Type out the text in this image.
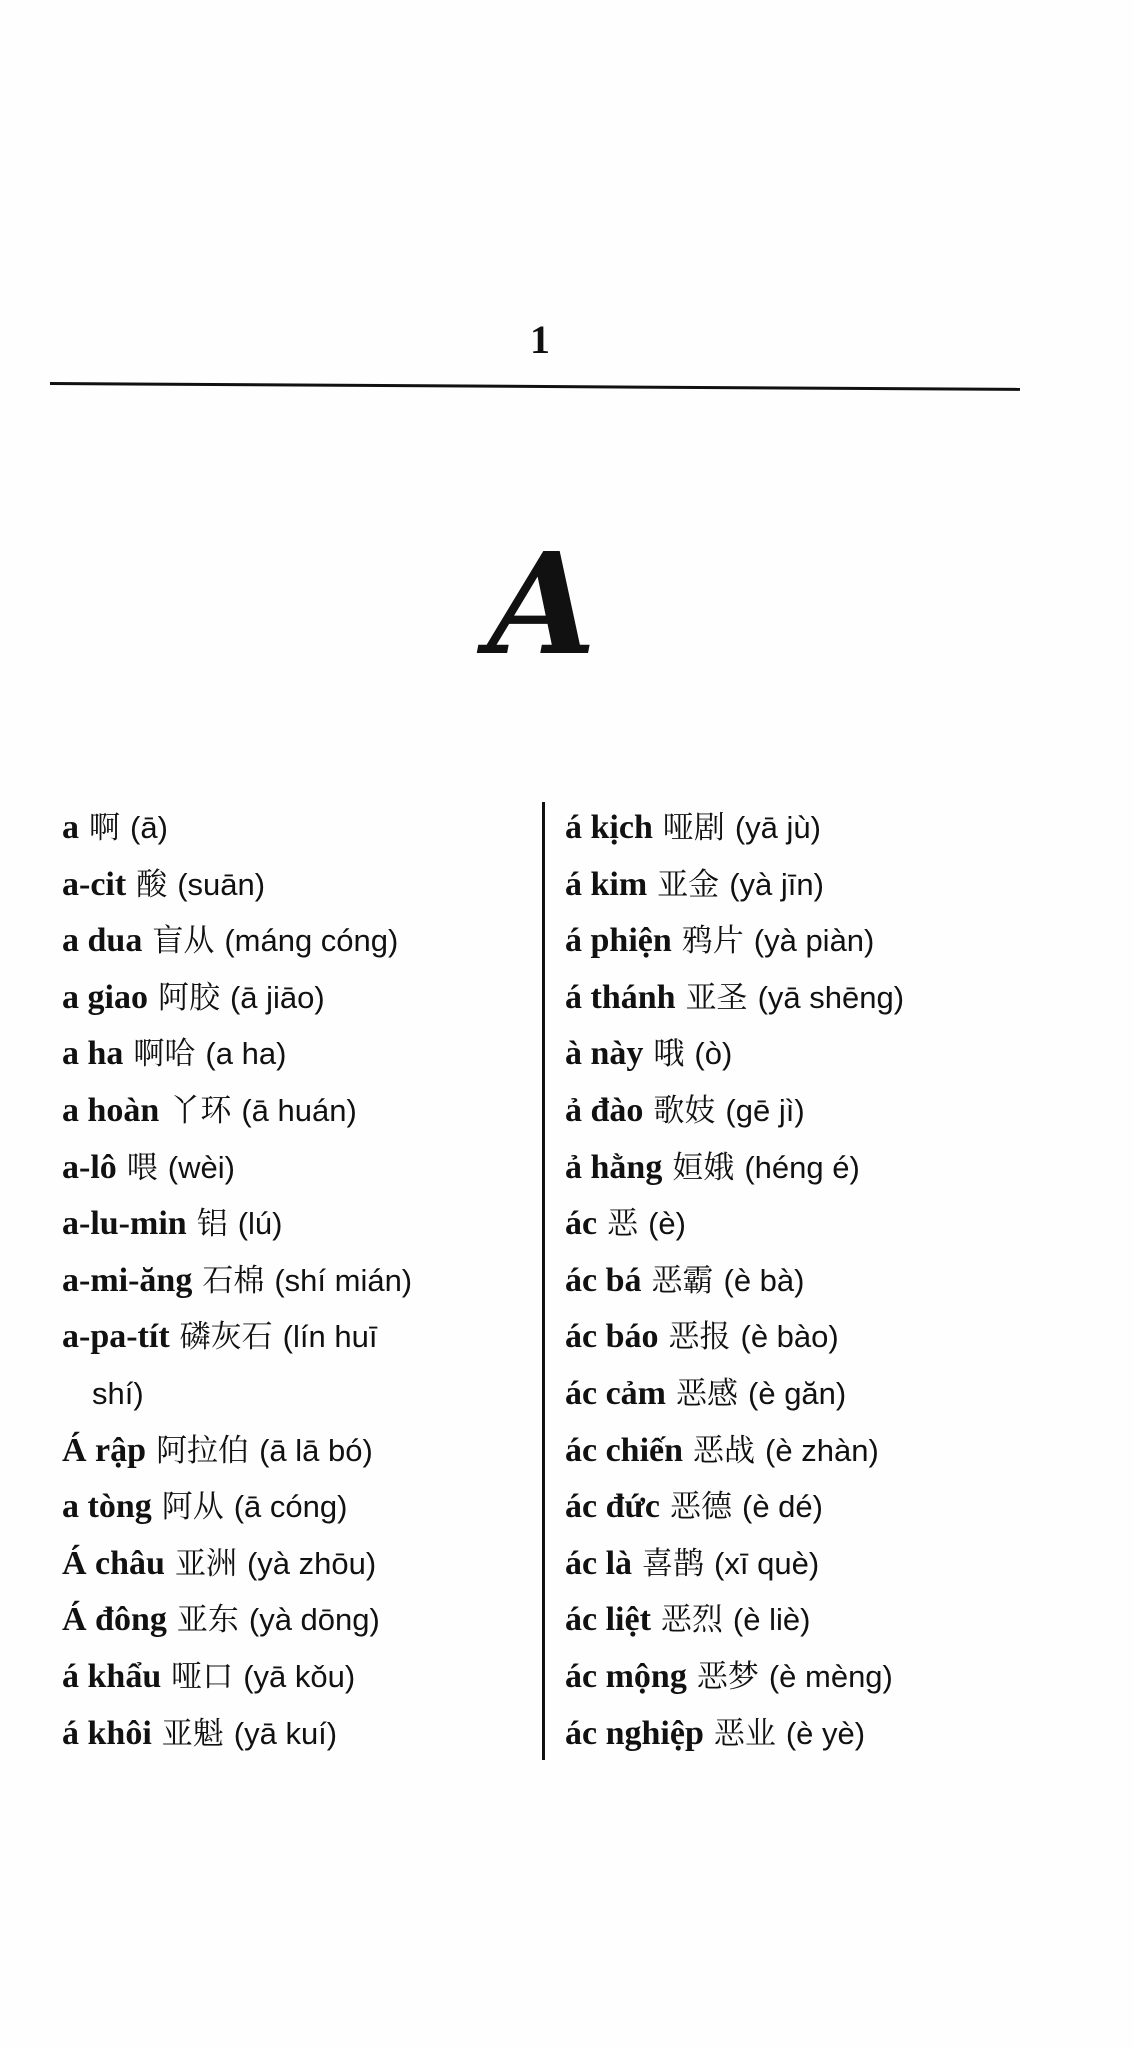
1
A
a 啊 (ā)
a-cit 酸 (suān)
a dua 盲从 (máng cóng)
a giao 阿胶 (ā jiāo)
a ha 啊哈 (a ha)
a hoàn 丫环 (ā huán)
a-lô 喂 (wèi)
a-lu-min 铝 (lú)
a-mi-ăng 石棉 (shí mián)
a-pa-tít 磷灰石 (lín huī
shí)
Á rập 阿拉伯 (ā lā bó)
a tòng 阿从 (ā cóng)
Á châu 亚洲 (yà zhōu)
Á đông 亚东 (yà dōng)
á khẩu 哑口 (yā kǒu)
á khôi 亚魁 (yā kuí)
á kịch 哑剧 (yā jù)
á kim 亚金 (yà jīn)
á phiện 鸦片 (yà piàn)
á thánh 亚圣 (yā shēng)
à này 哦 (ò)
ả đào 歌妓 (gē jì)
ả hằng 姮娥 (héng é)
ác 恶 (è)
ác bá 恶霸 (è bà)
ác báo 恶报 (è bào)
ác cảm 恶感 (è găn)
ác chiến 恶战 (è zhàn)
ác đức 恶德 (è dé)
ác là 喜鹊 (xī què)
ác liệt 恶烈 (è liè)
ác mộng 恶梦 (è mèng)
ác nghiệp 恶业 (è yè)
